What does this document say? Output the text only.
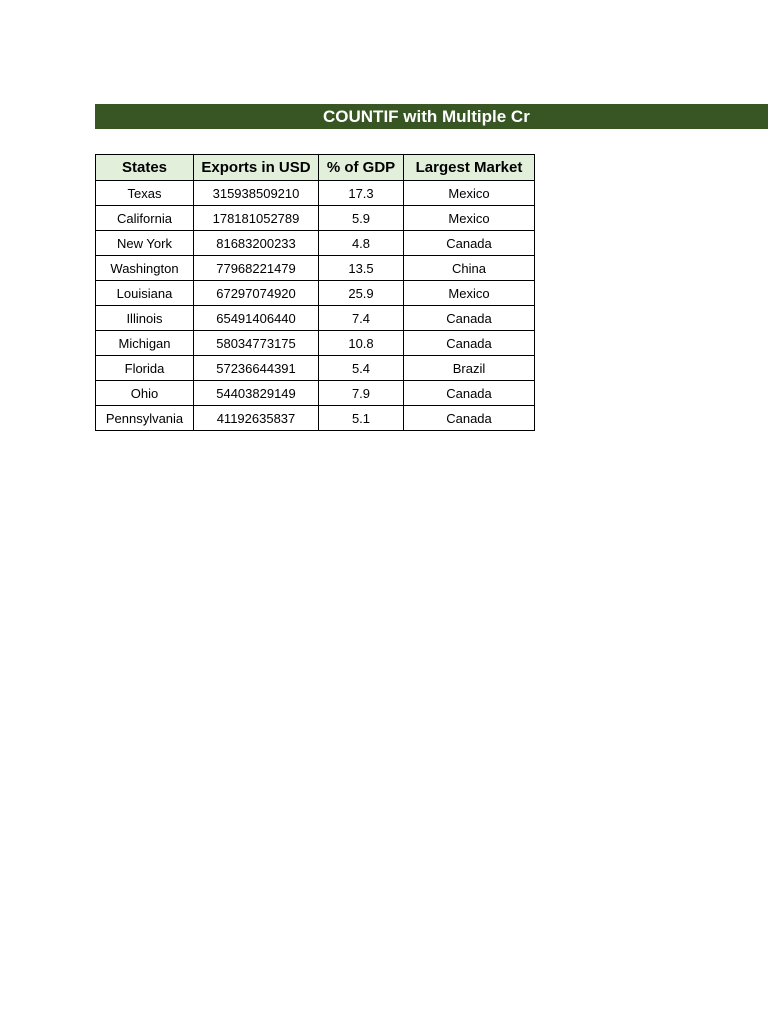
COUNTIF with Multiple Cr
States	Exports in USD	% of GDP	Largest Market
Texas	315938509210	17.3	Mexico
California	178181052789	5.9	Mexico
New York	81683200233	4.8	Canada
Washington	77968221479	13.5	China
Louisiana	67297074920	25.9	Mexico
Illinois	65491406440	7.4	Canada
Michigan	58034773175	10.8	Canada
Florida	57236644391	5.4	Brazil
Ohio	54403829149	7.9	Canada
Pennsylvania	41192635837	5.1	Canada
